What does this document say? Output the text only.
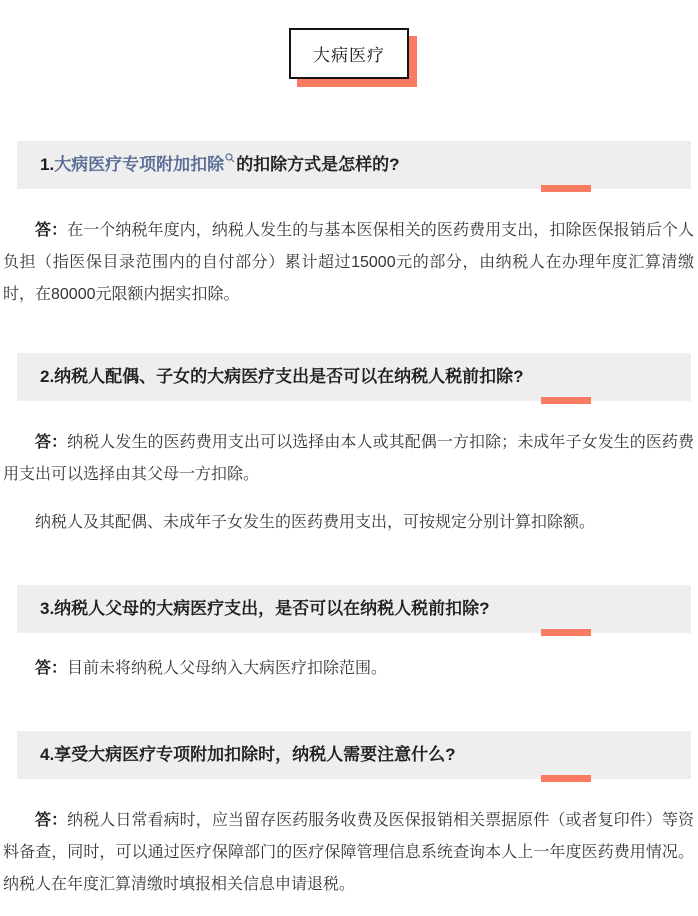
大病医疗
1.大病医疗专项附加扣除 的扣除方式是怎样的?

答：在一个纳税年度内，纳税人发生的与基本医保相关的医药费用支出，扣除医保报销后个人负担（指医保目录范围内的自付部分）累计超过15000元的部分，由纳税人在办理年度汇算清缴时，在80000元限额内据实扣除。

2.纳税人配偶、子女的大病医疗支出是否可以在纳税人税前扣除?

答：纳税人发生的医药费用支出可以选择由本人或其配偶一方扣除；未成年子女发生的医药费用支出可以选择由其父母一方扣除。

纳税人及其配偶、未成年子女发生的医药费用支出，可按规定分别计算扣除额。

3.纳税人父母的大病医疗支出，是否可以在纳税人税前扣除?

答：目前未将纳税人父母纳入大病医疗扣除范围。

4.享受大病医疗专项附加扣除时，纳税人需要注意什么?

答：纳税人日常看病时，应当留存医药服务收费及医保报销相关票据原件（或者复印件）等资料备查，同时，可以通过医疗保障部门的医疗保障管理信息系统查询本人上一年度医药费用情况。纳税人在年度汇算清缴时填报相关信息申请退税。
